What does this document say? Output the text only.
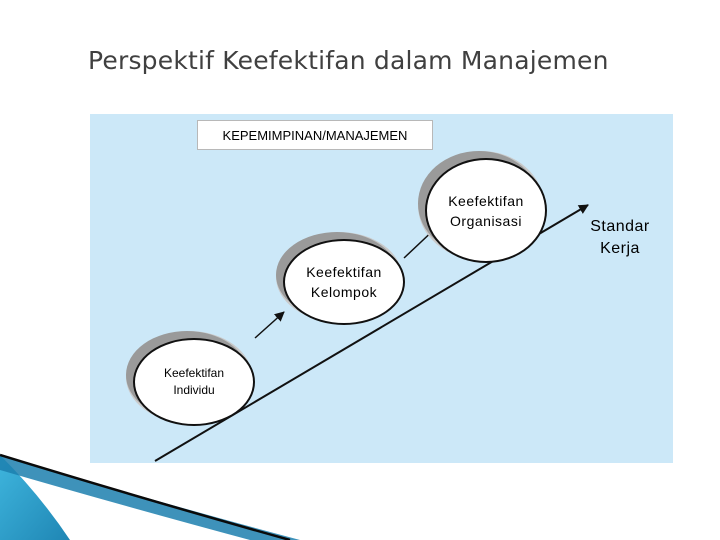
Perspektif Keefektifan dalam Manajemen
KEPEMIMPINAN/MANAJEMEN
Keefektifan
Individu
Keefektifan
Kelompok
Keefektifan
Organisasi	Standar
Kerja
